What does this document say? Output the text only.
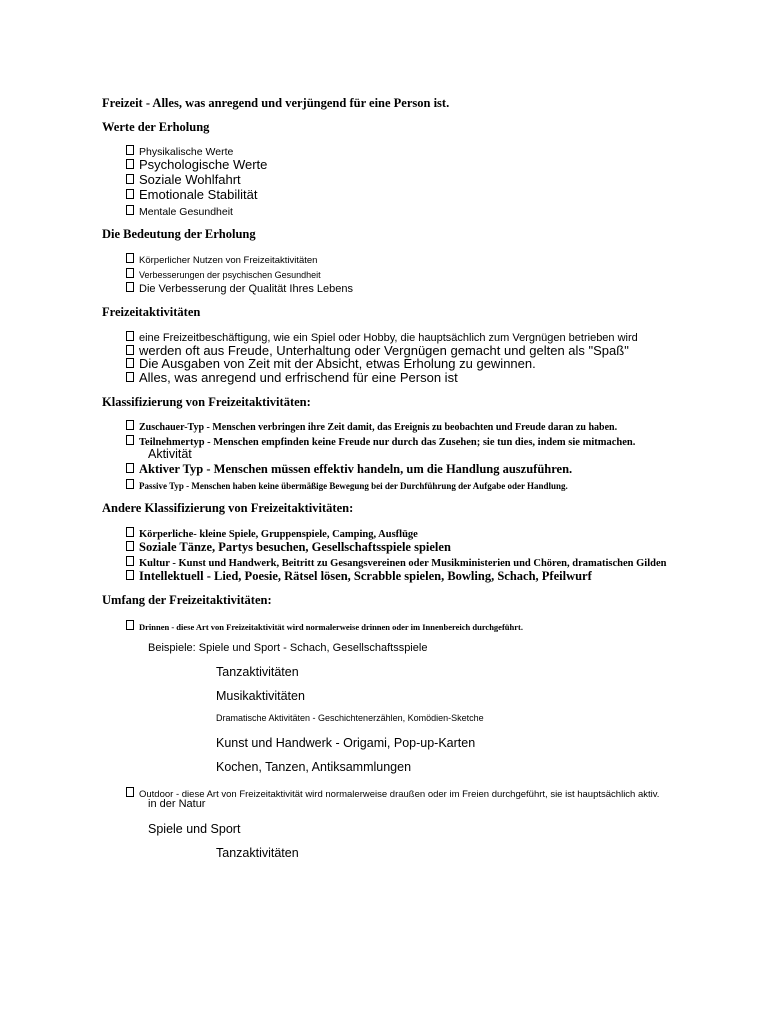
Freizeit - Alles, was anregend und verjüngend für eine Person ist.
Werte der Erholung
Physikalische Werte
Psychologische Werte
Soziale Wohlfahrt
Emotionale Stabilität
Mentale Gesundheit
Die Bedeutung der Erholung
Körperlicher Nutzen von Freizeitaktivitäten
Verbesserungen der psychischen Gesundheit
Die Verbesserung der Qualität Ihres Lebens
Freizeitaktivitäten
eine Freizeitbeschäftigung, wie ein Spiel oder Hobby, die hauptsächlich zum Vergnügen betrieben wird
werden oft aus Freude, Unterhaltung oder Vergnügen gemacht und gelten als "Spaß"
Die Ausgaben von Zeit mit der Absicht, etwas Erholung zu gewinnen.
Alles, was anregend und erfrischend für eine Person ist
Klassifizierung von Freizeitaktivitäten:
Zuschauer-Typ - Menschen verbringen ihre Zeit damit, das Ereignis zu beobachten und Freude daran zu haben.
Teilnehmertyp - Menschen empfinden keine Freude nur durch das Zusehen; sie tun dies, indem sie mitmachen.
Aktivität
Aktiver Typ - Menschen müssen effektiv handeln, um die Handlung auszuführen.
Passive Typ - Menschen haben keine übermäßige Bewegung bei der Durchführung der Aufgabe oder Handlung.
Andere Klassifizierung von Freizeitaktivitäten:
Körperliche- kleine Spiele, Gruppenspiele, Camping, Ausflüge
Soziale Tänze, Partys besuchen, Gesellschaftsspiele spielen
Kultur - Kunst und Handwerk, Beitritt zu Gesangsvereinen oder Musikministerien und Chören, dramatischen Gilden
Intellektuell - Lied, Poesie, Rätsel lösen, Scrabble spielen, Bowling, Schach, Pfeilwurf
Umfang der Freizeitaktivitäten:
Drinnen - diese Art von Freizeitaktivität wird normalerweise drinnen oder im Innenbereich durchgeführt.
Beispiele: Spiele und Sport - Schach, Gesellschaftsspiele
Tanzaktivitäten
Musikaktivitäten
Dramatische Aktivitäten - Geschichtenerzählen, Komödien-Sketche
Kunst und Handwerk - Origami, Pop-up-Karten
Kochen, Tanzen, Antiksammlungen
Outdoor - diese Art von Freizeitaktivität wird normalerweise draußen oder im Freien durchgeführt, sie ist hauptsächlich aktiv.
in der Natur
Spiele und Sport
Tanzaktivitäten
